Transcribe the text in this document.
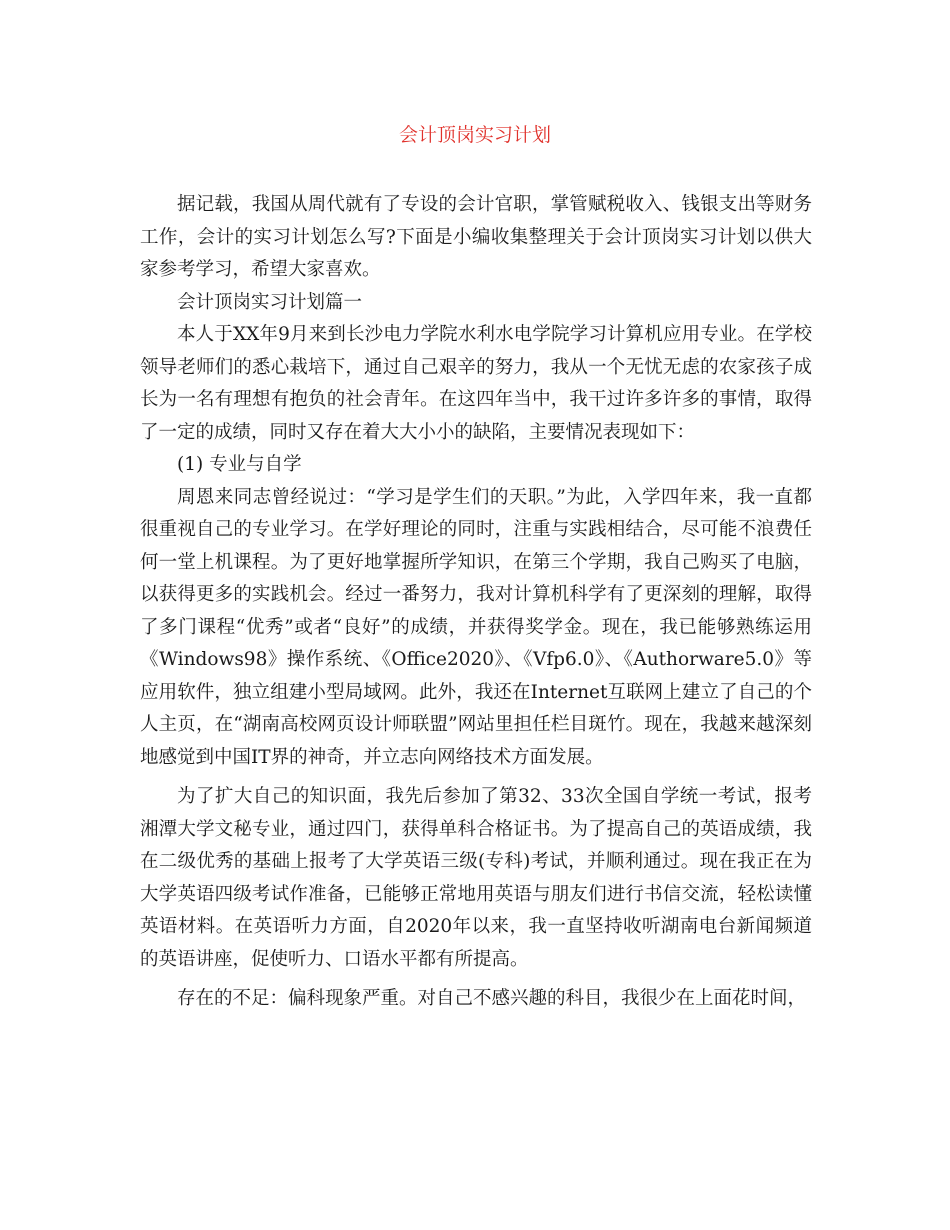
会计顶岗实习计划

据记载，我国从周代就有了专设的会计官职，掌管赋税收入、钱银支出等财务工作，会计的实习计划怎么写?下面是小编收集整理关于会计顶岗实习计划以供大家参考学习，希望大家喜欢。

会计顶岗实习计划篇一

本人于XX年9月来到长沙电力学院水利水电学院学习计算机应用专业。在学校领导老师们的悉心栽培下，通过自己艰辛的努力，我从一个无忧无虑的农家孩子成长为一名有理想有抱负的社会青年。在这四年当中，我干过许多许多的事情，取得了一定的成绩，同时又存在着大大小小的缺陷，主要情况表现如下：

(1) 专业与自学

周恩来同志曾经说过：“学习是学生们的天职。”为此，入学四年来，我一直都很重视自己的专业学习。在学好理论的同时，注重与实践相结合，尽可能不浪费任何一堂上机课程。为了更好地掌握所学知识，在第三个学期，我自己购买了电脑，以获得更多的实践机会。经过一番努力，我对计算机科学有了更深刻的理解，取得了多门课程“优秀”或者“良好”的成绩，并获得奖学金。现在，我已能够熟练运用《Windows98》操作系统、《Office2020》、《Vfp6.0》、《Authorware5.0》等应用软件，独立组建小型局域网。此外，我还在Internet互联网上建立了自己的个人主页，在“湖南高校网页设计师联盟”网站里担任栏目斑竹。现在，我越来越深刻地感觉到中国IT界的神奇，并立志向网络技术方面发展。

为了扩大自己的知识面，我先后参加了第32、33次全国自学统一考试，报考湘潭大学文秘专业，通过四门，获得单科合格证书。为了提高自己的英语成绩，我在二级优秀的基础上报考了大学英语三级(专科)考试，并顺利通过。现在我正在为大学英语四级考试作准备，已能够正常地用英语与朋友们进行书信交流，轻松读懂英语材料。在英语听力方面，自2020年以来，我一直坚持收听湖南电台新闻频道的英语讲座，促使听力、口语水平都有所提高。

存在的不足：偏科现象严重。对自己不感兴趣的科目，我很少在上面花时间，
